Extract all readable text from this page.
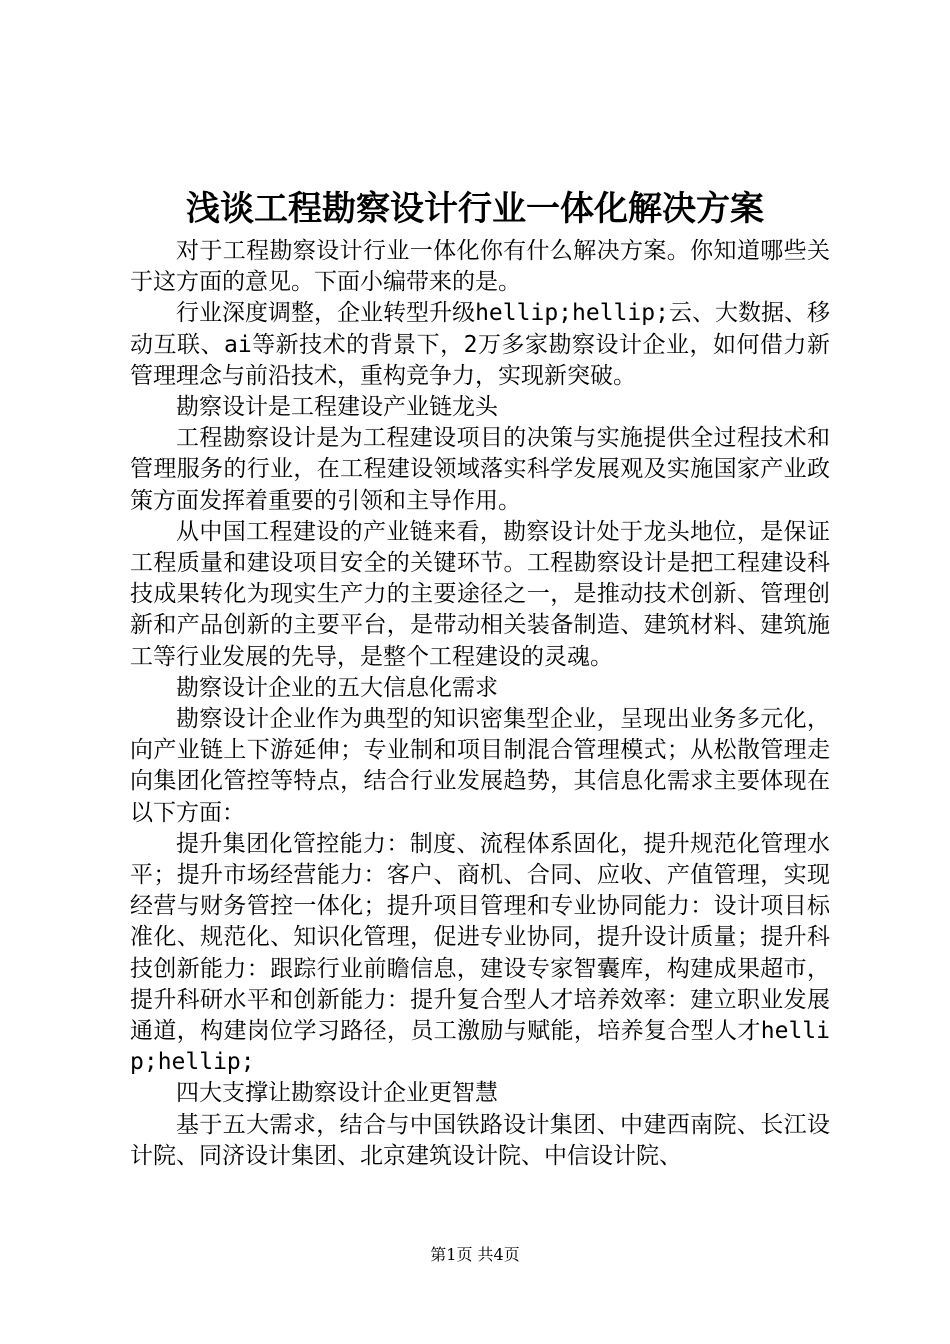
浅谈工程勘察设计行业一体化解决方案

对于工程勘察设计行业一体化你有什么解决方案。你知道哪些关于这方面的意见。下面小编带来的是。

行业深度调整，企业转型升级hellip;hellip;云、大数据、移动互联、ai等新技术的背景下，2万多家勘察设计企业，如何借力新管理理念与前沿技术，重构竞争力，实现新突破。

勘察设计是工程建设产业链龙头

工程勘察设计是为工程建设项目的决策与实施提供全过程技术和管理服务的行业，在工程建设领域落实科学发展观及实施国家产业政策方面发挥着重要的引领和主导作用。

从中国工程建设的产业链来看，勘察设计处于龙头地位，是保证工程质量和建设项目安全的关键环节。工程勘察设计是把工程建设科技成果转化为现实生产力的主要途径之一，是推动技术创新、管理创新和产品创新的主要平台，是带动相关装备制造、建筑材料、建筑施工等行业发展的先导，是整个工程建设的灵魂。

勘察设计企业的五大信息化需求

勘察设计企业作为典型的知识密集型企业，呈现出业务多元化，向产业链上下游延伸；专业制和项目制混合管理模式；从松散管理走向集团化管控等特点，结合行业发展趋势，其信息化需求主要体现在以下方面：

提升集团化管控能力：制度、流程体系固化，提升规范化管理水平；提升市场经营能力：客户、商机、合同、应收、产值管理，实现经营与财务管控一体化；提升项目管理和专业协同能力：设计项目标准化、规范化、知识化管理，促进专业协同，提升设计质量；提升科技创新能力：跟踪行业前瞻信息，建设专家智囊库，构建成果超市，提升科研水平和创新能力：提升复合型人才培养效率：建立职业发展通道，构建岗位学习路径，员工激励与赋能，培养复合型人才hellip;hellip;

四大支撑让勘察设计企业更智慧

基于五大需求，结合与中国铁路设计集团、中建西南院、长江设计院、同济设计集团、北京建筑设计院、中信设计院、

第1页 共4页
